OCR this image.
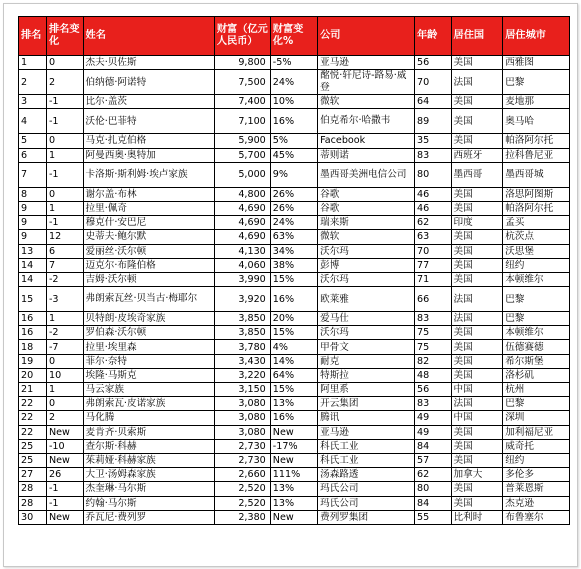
排名	排名变化	姓名	财富（亿元人民币）	财富变化%	公司	年龄	居住国	居住城市
1	0	杰夫·贝佐斯	9,800	-5%	亚马逊	56	美国	西雅图
2	2	伯纳德·阿诺特	7,500	24%	酩悦·轩尼诗-路易·威登	70	法国	巴黎
3	-1	比尔·盖茨	7,400	10%	微软	64	美国	麦地那
4	-1	沃伦·巴菲特	7,100	16%	伯克希尔·哈撒韦	89	美国	奥马哈
5	0	马克·扎克伯格	5,900	5%	Facebook	35	美国	帕洛阿尔托
6	1	阿曼西奥·奥特加	5,700	45%	蒂则诺	83	西班牙	拉科鲁尼亚
7	-1	卡洛斯·斯利姆·埃卢家族	5,000	9%	墨西哥美洲电信公司	80	墨西哥	墨西哥城
8	0	谢尔盖·布林	4,800	26%	谷歌	46	美国	洛思阿图斯
9	1	拉里·佩奇	4,690	26%	谷歌	46	美国	帕洛阿尔托
9	-1	穆克什·安巴尼	4,690	24%	瑞来斯	62	印度	孟买
9	12	史蒂夫·鲍尔默	4,690	63%	微软	63	美国	杭茨点
13	6	爱丽丝·沃尔顿	4,130	34%	沃尔玛	70	美国	沃思堡
14	7	迈克尔·布隆伯格	4,060	38%	彭博	77	美国	纽约
14	-2	吉姆·沃尔顿	3,990	15%	沃尔玛	71	美国	本顿维尔
15	-3	弗朗索瓦丝·贝当古·梅耶尔	3,920	16%	欧莱雅	66	法国	巴黎
16	1	贝特朗·皮埃奇家族	3,850	20%	爱马仕	83	法国	巴黎
16	-2	罗伯森·沃尔顿	3,850	15%	沃尔玛	75	美国	本顿维尔
18	-7	拉里·埃里森	3,780	4%	甲骨文	75	美国	伍德赛德
19	0	菲尔·奈特	3,430	14%	耐克	82	美国	希尔斯堡
20	10	埃隆·马斯克	3,220	64%	特斯拉	48	美国	洛杉矶
21	1	马云家族	3,150	15%	阿里系	56	中国	杭州
22	0	弗朗索瓦·皮诺家族	3,080	13%	开云集团	83	法国	巴黎
22	2	马化腾	3,080	16%	腾讯	49	中国	深圳
22	New	麦肯齐·贝索斯	3,080	New	亚马逊	49	美国	加利福尼亚
25	-10	查尔斯·科赫	2,730	-17%	科氏工业	84	美国	威奇托
25	New	茱莉娅·科赫家族	2,730	New	科氏工业	57	美国	纽约
27	26	大卫·汤姆森家族	2,660	111%	汤森路透	62	加拿大	多伦多
28	-1	杰奎琳·马尔斯	2,520	13%	玛氏公司	80	美国	普莱恩斯
28	-1	约翰·马尔斯	2,520	13%	玛氏公司	84	美国	杰克逊
30	New	乔瓦尼·费列罗	2,380	New	费列罗集团	55	比利时	布鲁塞尔
